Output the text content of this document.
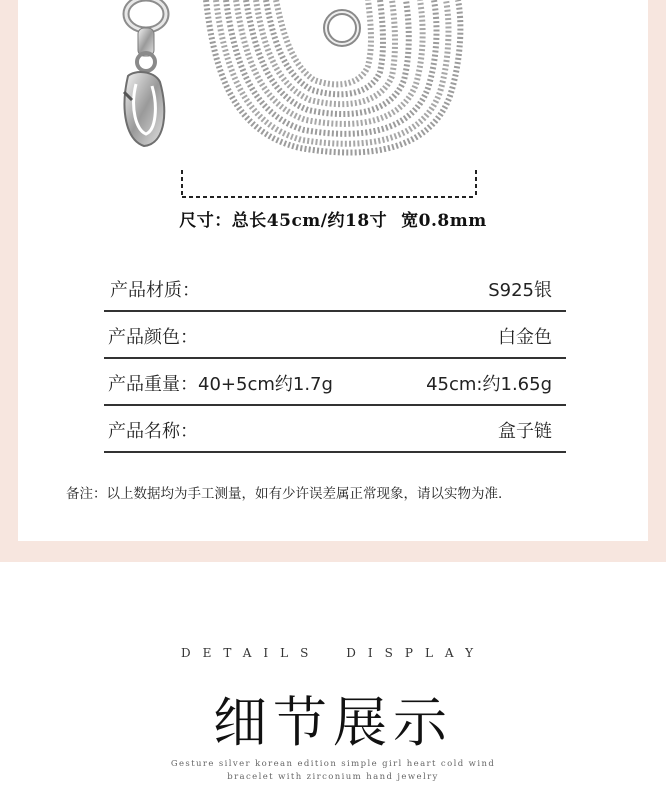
尺寸：总长45cm/约18寸 宽0.8mm
产品材质：	S925银
产品颜色：	白金色
产品重量：40+5cm约1.7g	45cm:约1.65g
产品名称：	盒子链
备注：以上数据均为手工测量，如有少许误差属正常现象，请以实物为准.
DETAILS DISPLAY
细节展示
Gesture silver korean edition simple girl heart cold wind
bracelet with zirconium hand jewelry
